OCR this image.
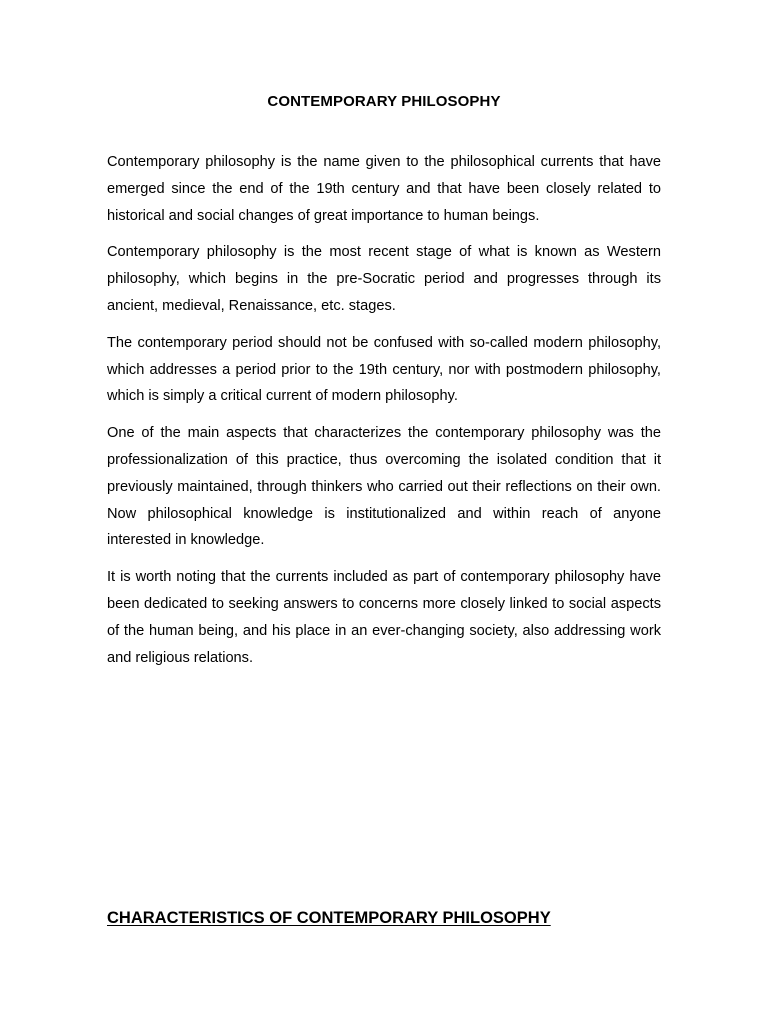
CONTEMPORARY PHILOSOPHY

Contemporary philosophy is the name given to the philosophical currents that have emerged since the end of the 19th century and that have been closely related to historical and social changes of great importance to human beings.

Contemporary philosophy is the most recent stage of what is known as Western philosophy, which begins in the pre-Socratic period and progresses through its ancient, medieval, Renaissance, etc. stages.

The contemporary period should not be confused with so-called modern philosophy, which addresses a period prior to the 19th century, nor with postmodern philosophy, which is simply a critical current of modern philosophy.

One of the main aspects that characterizes the contemporary philosophy was the professionalization of this practice, thus overcoming the isolated condition that it previously maintained, through thinkers who carried out their reflections on their own. Now philosophical knowledge is institutionalized and within reach of anyone interested in knowledge.

It is worth noting that the currents included as part of contemporary philosophy have been dedicated to seeking answers to concerns more closely linked to social aspects of the human being, and his place in an ever-changing society, also addressing work and religious relations.

CHARACTERISTICS OF CONTEMPORARY PHILOSOPHY
